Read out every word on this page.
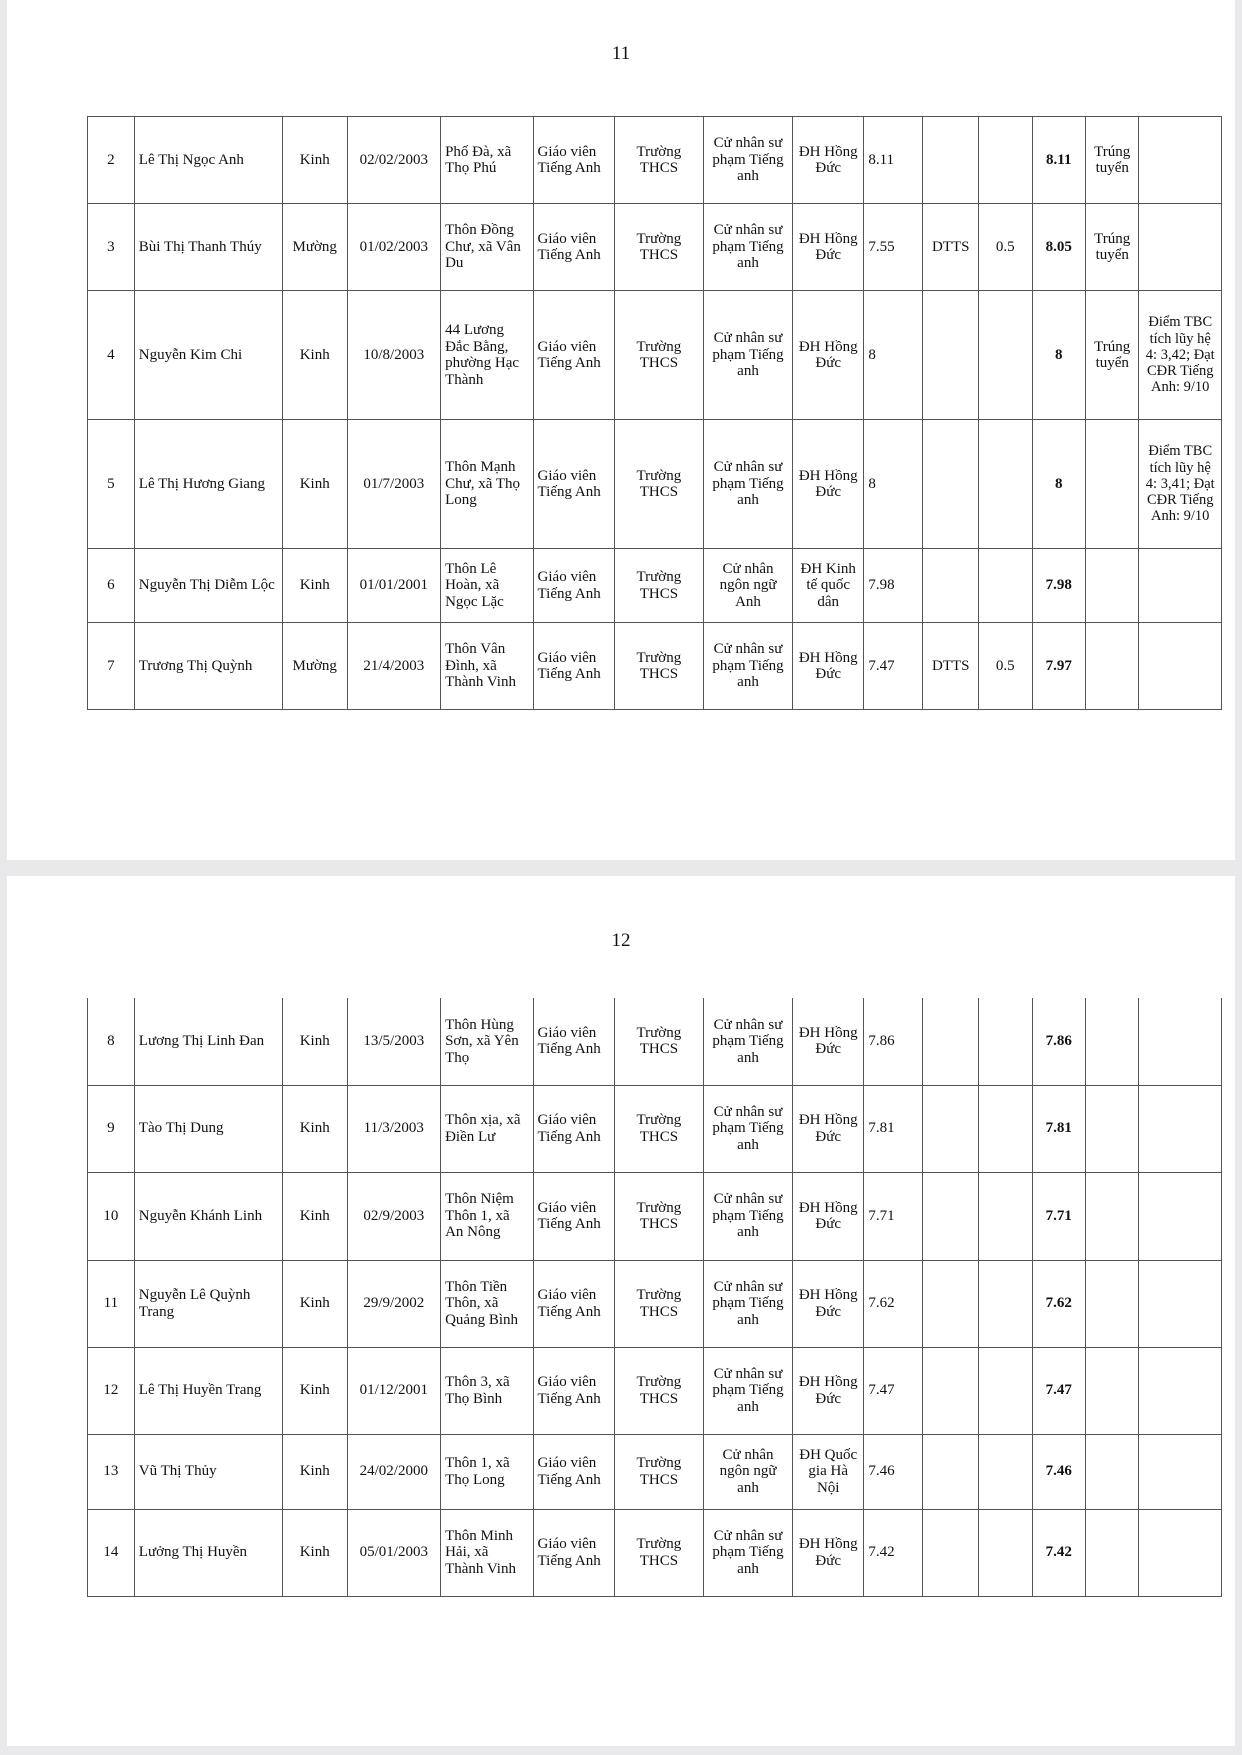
11
2	Lê Thị Ngọc Anh	Kinh	02/02/2003	Phố Đà, xã Thọ Phú	Giáo viên Tiếng Anh	Trường THCS	Cử nhân sư phạm Tiếng anh	ĐH Hồng Đức	8.11			8.11	Trúng tuyển	
3	Bùi Thị Thanh Thúy	Mường	01/02/2003	Thôn Đồng Chư, xã Vân Du	Giáo viên Tiếng Anh	Trường THCS	Cử nhân sư phạm Tiếng anh	ĐH Hồng Đức	7.55	DTTS	0.5	8.05	Trúng tuyển	
4	Nguyễn Kim Chi	Kinh	10/8/2003	44 Lương Đắc Bằng, phường Hạc Thành	Giáo viên Tiếng Anh	Trường THCS	Cử nhân sư phạm Tiếng anh	ĐH Hồng Đức	8			8	Trúng tuyển	Điểm TBC tích lũy hệ 4: 3,42; Đạt CĐR Tiếng Anh: 9/10
5	Lê Thị Hương Giang	Kinh	01/7/2003	Thôn Mạnh Chư, xã Thọ Long	Giáo viên Tiếng Anh	Trường THCS	Cử nhân sư phạm Tiếng anh	ĐH Hồng Đức	8			8		Điểm TBC tích lũy hệ 4: 3,41; Đạt CĐR Tiếng Anh: 9/10
6	Nguyễn Thị Diễm Lộc	Kinh	01/01/2001	Thôn Lê Hoàn, xã Ngọc Lặc	Giáo viên Tiếng Anh	Trường THCS	Cử nhân ngôn ngữ Anh	ĐH Kinh tế quốc dân	7.98			7.98		
7	Trương Thị Quỳnh	Mường	21/4/2003	Thôn Vân Đình, xã Thành Vinh	Giáo viên Tiếng Anh	Trường THCS	Cử nhân sư phạm Tiếng anh	ĐH Hồng Đức	7.47	DTTS	0.5	7.97		
12
8	Lương Thị Linh Đan	Kinh	13/5/2003	Thôn Hùng Sơn, xã Yên Thọ	Giáo viên Tiếng Anh	Trường THCS	Cử nhân sư phạm Tiếng anh	ĐH Hồng Đức	7.86			7.86		
9	Tào Thị Dung	Kinh	11/3/2003	Thôn xịa, xã Điền Lư	Giáo viên Tiếng Anh	Trường THCS	Cử nhân sư phạm Tiếng anh	ĐH Hồng Đức	7.81			7.81		
10	Nguyễn Khánh Linh	Kinh	02/9/2003	Thôn Niệm Thôn 1, xã An Nông	Giáo viên Tiếng Anh	Trường THCS	Cử nhân sư phạm Tiếng anh	ĐH Hồng Đức	7.71			7.71		
11	Nguyễn Lê Quỳnh Trang	Kinh	29/9/2002	Thôn Tiền Thôn, xã Quảng Bình	Giáo viên Tiếng Anh	Trường THCS	Cử nhân sư phạm Tiếng anh	ĐH Hồng Đức	7.62			7.62		
12	Lê Thị Huyền Trang	Kinh	01/12/2001	Thôn 3, xã Thọ Bình	Giáo viên Tiếng Anh	Trường THCS	Cử nhân sư phạm Tiếng anh	ĐH Hồng Đức	7.47			7.47		
13	Vũ Thị Thủy	Kinh	24/02/2000	Thôn 1, xã Thọ Long	Giáo viên Tiếng Anh	Trường THCS	Cử nhân ngôn ngữ anh	ĐH Quốc gia Hà Nội	7.46			7.46		
14	Lưởng Thị Huyền	Kinh	05/01/2003	Thôn Minh Hải, xã Thành Vinh	Giáo viên Tiếng Anh	Trường THCS	Cử nhân sư phạm Tiếng anh	ĐH Hồng Đức	7.42			7.42		
